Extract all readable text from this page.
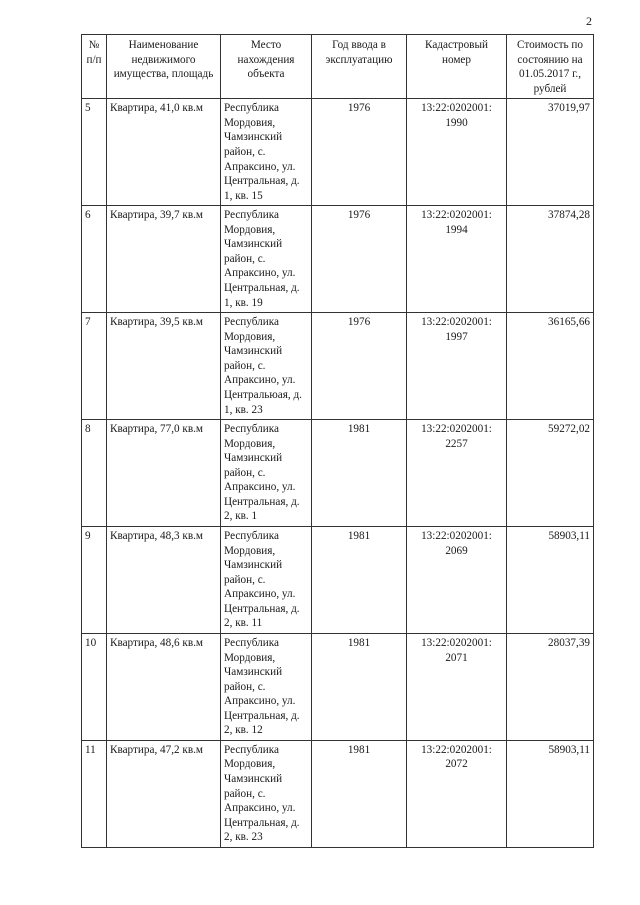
2
№ п/п	Наименование недвижимого имущества, площадь	Место нахождения объекта	Год ввода в эксплуатацию	Кадастровый номер	Стоимость по состоянию на 01.05.2017 г., рублей
5	Квартира, 41,0 кв.м	Республика Мордовия, Чамзинский район, с. Апраксино, ул. Центральная, д. 1, кв. 15	1976	13:22:0202001: 1990	37019,97
6	Квартира, 39,7 кв.м	Республика Мордовия, Чамзинский район, с. Апраксино, ул. Центральная, д. 1, кв. 19	1976	13:22:0202001: 1994	37874,28
7	Квартира, 39,5 кв.м	Республика Мордовия, Чамзинский район, с. Апраксино, ул. Центральюая, д. 1, кв. 23	1976	13:22:0202001: 1997	36165,66
8	Квартира, 77,0 кв.м	Республика Мордовия, Чамзинский район, с. Апраксино, ул. Центральная, д. 2, кв. 1	1981	13:22:0202001: 2257	59272,02
9	Квартира, 48,3 кв.м	Республика Мордовия, Чамзинский район, с. Апраксино, ул. Центральная, д. 2, кв. 11	1981	13:22:0202001: 2069	58903,11
10	Квартира, 48,6 кв.м	Республика Мордовия, Чамзинский район, с. Апраксино, ул. Центральная, д. 2, кв. 12	1981	13:22:0202001: 2071	28037,39
11	Квартира, 47,2 кв.м	Республика Мордовия, Чамзинский район, с. Апраксино, ул. Центральная, д. 2, кв. 23	1981	13:22:0202001: 2072	58903,11
